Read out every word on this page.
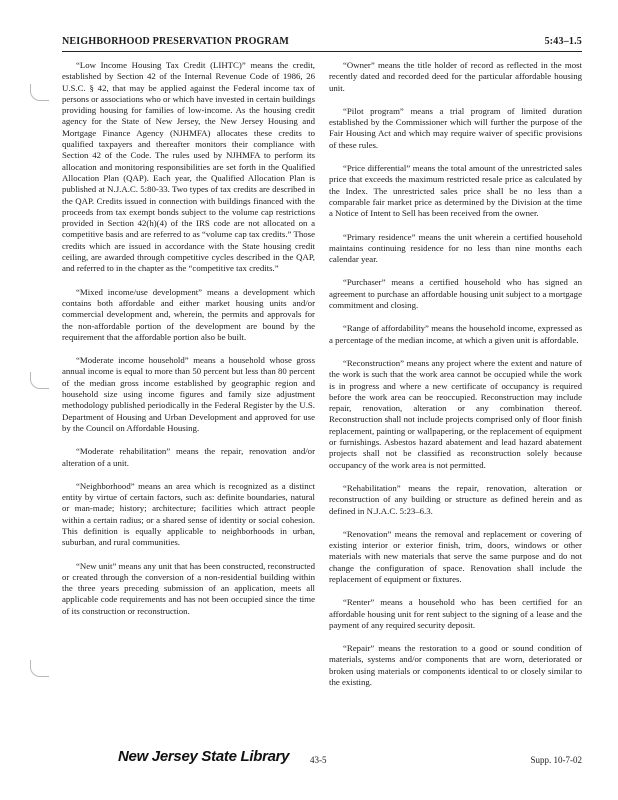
NEIGHBORHOOD PRESERVATION PROGRAM	5:43–1.5

“Low Income Housing Tax Credit (LIHTC)” means the credit, established by Section 42 of the Internal Revenue Code of 1986, 26 U.S.C. § 42, that may be applied against the Federal income tax of persons or associations who or which have invested in certain buildings providing housing for families of low-income. As the housing credit agency for the State of New Jersey, the New Jersey Housing and Mortgage Finance Agency (NJHMFA) allocates these credits to qualified taxpayers and thereafter monitors their compliance with Section 42 of the Code. The rules used by NJHMFA to perform its allocation and monitoring responsibilities are set forth in the Qualified Allocation Plan (QAP). Each year, the Qualified Allocation Plan is published at N.J.A.C. 5:80-33. Two types of tax credits are described in the QAP. Credits issued in connection with buildings financed with the proceeds from tax exempt bonds subject to the volume cap restrictions provided in Section 42(h)(4) of the IRS code are not allocated on a competitive basis and are referred to as “volume cap tax credits.” Those credits which are issued in accordance with the State housing credit ceiling, are awarded through competitive cycles described in the QAP, and referred to in the chapter as the “competitive tax credits.”

“Mixed income/use development” means a development which contains both affordable and either market housing units and/or commercial development and, wherein, the permits and approvals for the non-affordable portion of the development are bound by the requirement that the affordable portion also be built.

“Moderate income household” means a household whose gross annual income is equal to more than 50 percent but less than 80 percent of the median gross income established by geographic region and household size using income figures and family size adjustment methodology published periodically in the Federal Register by the U.S. Department of Housing and Urban Development and approved for use by the Council on Affordable Housing.

“Moderate rehabilitation” means the repair, renovation and/or alteration of a unit.

“Neighborhood” means an area which is recognized as a distinct entity by virtue of certain factors, such as: definite boundaries, natural or man-made; history; architecture; facilities which attract people within a certain radius; or a shared sense of identity or social cohesion. This definition is equally applicable to neighborhoods in urban, suburban, and rural communities.

“New unit” means any unit that has been constructed, reconstructed or created through the conversion of a non-residential building within the three years preceding submission of an application, meets all applicable code requirements and has not been occupied since the time of its construction or reconstruction.

“Owner” means the title holder of record as reflected in the most recently dated and recorded deed for the particular affordable housing unit.

“Pilot program” means a trial program of limited duration established by the Commissioner which will further the purpose of the Fair Housing Act and which may require waiver of specific provisions of these rules.

“Price differential” means the total amount of the unrestricted sales price that exceeds the maximum restricted resale price as calculated by the Index. The unrestricted sales price shall be no less than a comparable fair market price as determined by the Division at the time a Notice of Intent to Sell has been received from the owner.

“Primary residence” means the unit wherein a certified household maintains continuing residence for no less than nine months each calendar year.

“Purchaser” means a certified household who has signed an agreement to purchase an affordable housing unit subject to a mortgage commitment and closing.

“Range of affordability” means the household income, expressed as a percentage of the median income, at which a given unit is affordable.

“Reconstruction” means any project where the extent and nature of the work is such that the work area cannot be occupied while the work is in progress and where a new certificate of occupancy is required before the work area can be reoccupied. Reconstruction may include repair, renovation, alteration or any combination thereof. Reconstruction shall not include projects comprised only of floor finish replacement, painting or wallpapering, or the replacement of equipment or furnishings. Asbestos hazard abatement and lead hazard abatement projects shall not be classified as reconstruction solely because occupancy of the work area is not permitted.

“Rehabilitation” means the repair, renovation, alteration or reconstruction of any building or structure as defined herein and as defined in N.J.A.C. 5:23–6.3.

“Renovation” means the removal and replacement or covering of existing interior or exterior finish, trim, doors, windows or other materials with new materials that serve the same purpose and do not change the configuration of space. Renovation shall include the replacement of equipment or fixtures.

“Renter” means a household who has been certified for an affordable housing unit for rent subject to the signing of a lease and the payment of any required security deposit.

“Repair” means the restoration to a good or sound condition of materials, systems and/or components that are worn, deteriorated or broken using materials or components identical to or closely similar to the existing.

New Jersey State Library 43-5	Supp. 10-7-02
